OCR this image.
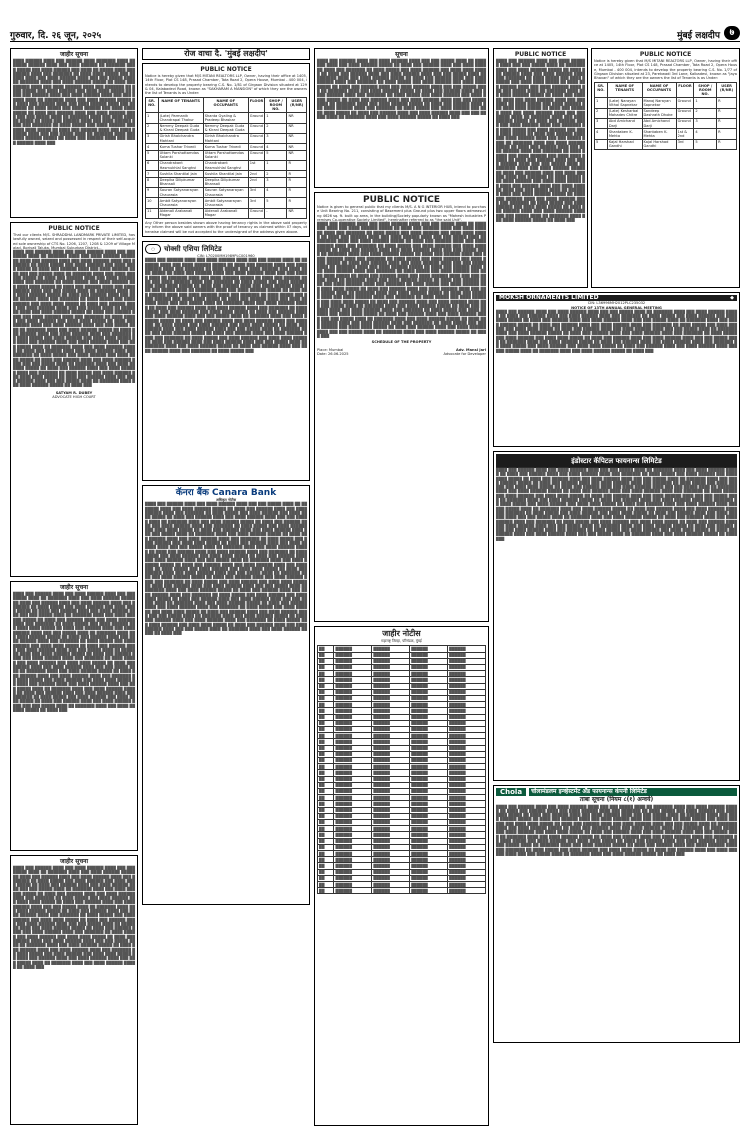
गुरुवार, दि. २६ जून, २०२५	मुंबई लक्षदीप	७
जाहीर सूचना
████ ██████ ████ ███ ██████ ████ ███████ ████ ██ █████ ██████ ████ ███ ████ ██████ ██ ███████ ████ █████ ███ ████ ██████ ███ ████ ██ █████ ████ ███ ██████ ████ ███ ███████ ██ ████ ████ █████ ███ ██████ ████ ███ ████ ██████ ████ ███ ███ █████ ████ ██ ███████ ████ ███ ████ ██████ █████ ██ ████ ███ ██████ ████ ███ ████ ██████ ████ ███ ███████ ██ ████ █████ ███ ████ ██████ ███ ████ ████ █████ ██ ████ ███ ██████ ████ ███ ████ ██████ ████ ███ ███ █████ ████ ██ ███████ ████ ███ ████ ██████ █████ ██ ████ ███ ██████ ████ ███ ████ ██████ ████ ███ ███████ ██ ████ █████ ███ ████ ██████ ███ ████ ████ █████ ██ ████ ███ ██████ ████ ███ ████ ██████ ████ ███ ███ █████ ████ ██ ███████ ████ ███ ████ ██████ █████ ██ ████ ███ ██████ ████ ███ ████ ██████ ████ ███ ███████ ██ ████ █████ ███ ████ ██████ ███ ████ ████ █████ ██ ████ ███ ██████ ████ ███ ████ ██████ ████ ███ ███ █████ ████ ██ ███████ ████ ███ ████ ██████ █████ ██ ████ ███ ██████ ████ ███ ████ ██████ ████ ███
PUBLIC NOTICE
That our clients M/S. SHRADDHA LANDMARK PRIVATE LIMITED, has lawfully owned, seized and possessed in respect of their self-acquired sole ownership of CTS No. 1206, 1207, 1208 & 1209 of Village Malad, Borivali Taluka, Mumbai Suburban District...
████ ███ ██████ ████ ███ ████ ██████ ████ ███ ███ █████ ████ ██ ███████ ████ ███ ████ ██████ █████ ██ ████ ███ ██████ ████ ███ ████ ██████ ████ ███ ███████ ██ ████ █████ ███ ████ ██████ ███ ████ ████ █████ ██ ████ ███ ██████ ████ ███ ████ ██████ ████ ███ ███ █████ ████ ██ ███████ ████ ███ ████ ██████ █████ ██ ████ ███ ██████ ████ ███ ████ ██████ ████ ███ ███████ ██ ████ █████ ███ ████ ██████ ███ ████ ████ █████ ██ ████ ███ ██████ ████ ███ ████ ██████ ████ ███ ███ █████ ████ ██ ███████ ████ ███ ████ ██████ █████ ██ ████ ███ ██████ ████ ███ ████ ██████ ████ ███ ███████ ██ ████ █████ ███ ████ ██████ ███ ████ ████ █████ ██ ████ ███ ██████ ████ ███ ████ ██████ ████ ███ ███ █████ ████ ██ ███████ ████ ███ ████ ██████ █████ ██ ████ ███ ██████ ████ ███ ████ ██████ ████ ███ ███████ ██ ████ █████ ███ ████ ██████ ███ ████ ████ █████ ██ ████ ███ ██████ ████ ███ ████ ██████ ████ ███ ███ █████ ████ ██ ███████ ████ ███ ████ ██████ █████ ██ ████ ███ ██████ ████ ███ ████ ██████ ████ ███ ███████ ██ ████ █████ ███ ████ ██████ ███ ████ ████ █████ ██ ████ ███ ██████ ████ ███ ████ ██████ ████ ███ ███ █████ ████ ██ ███████ ████ ███ ████ ██████ █████ ██ ████ ███ ██████ ████ ███ ████ ██████ ████ ███ ███████ ██ ████ █████ ███ ████ ██████ ███ ████ ████ █████ ██ ████ ███ ██████ ████ ███ ████ ██████ ████ ███ ███ █████ ████ ██ ███████ ████ ███ ████ ██████ █████ ██ ████ ███ ██████ ████ ███ ████ ██████ ████ ███ ███████ ██ ████ █████ ███ ████ ██████ ███ ████ ████ █████ ██ ████ ███ ██████ ████ ███ ████ ██████ ████ ███ ███ █████ ████ ██ ███████ ████ ███ ████ ██████ █████ ██ ████ ███
SATYAM R. DUBEY
ADVOCATE HIGH COURT
जाहीर सूचना
████ ███ ██████ ████ ███ ████ ██████ ████ ███ ███ █████ ████ ██ ███████ ████ ███ ████ ██████ █████ ██ ████ ███ ██████ ████ ███ ████ ██████ ████ ███ ███████ ██ ████ █████ ███ ████ ██████ ███ ████ ████ █████ ██ ████ ███ ██████ ████ ███ ████ ██████ ████ ███ ███ █████ ████ ██ ███████ ████ ███ ████ ██████ █████ ██ ████ ███ ██████ ████ ███ ████ ██████ ████ ███ ███████ ██ ████ █████ ███ ████ ██████ ███ ████ ████ █████ ██ ████ ███ ██████ ████ ███ ████ ██████ ████ ███ ███ █████ ████ ██ ███████ ████ ███ ████ ██████ █████ ██ ████ ███ ██████ ████ ███ ████ ██████ ████ ███ ███████ ██ ████ █████ ███ ████ ██████ ███ ████ ████ █████ ██ ████ ███ ██████ ████ ███ ████ ██████ ████ ███ ███ █████ ████ ██ ███████ ████ ███ ████ ██████ █████ ██ ████ ███ ██████ ████ ███ ████ ██████ ████ ███ ███████ ██ ████ █████ ███ ████ ██████ ███ ████ ████ █████ ██ ████ ███ ██████ ████ ███ ████ ██████ ████ ███ ███ █████ ████ ██ ███████ ████ ███ ████ ██████ █████ ██ ████ ███ ██████ ████ ███ ████ ██████ ████ ███ ███████ ██ ████ █████ ███ ████ ██████ ███ ████ ████ █████ ██ ████ ███ ██████ ████ ███ ████ ██████ ████ ███ ███ █████ ████ ██ ███████ ████ ███ ████ ██████ █████ ██ ████ ███ ██████ ████ ███ ████ ██████ ████ ███ ███████ ██ ████ █████ ███ ████ ██████ ███ ████ ████ █████ ██ ████ ███ ██████ ████ ███ ████ ██████ ████ ███ ███ █████ ████ ██ ███████ ████ ███ ████ ██████ █████ ██ ████ ███
जाहीर सूचना
████ ███ ██████ ████ ███ ████ ██████ ████ ███ ███ █████ ████ ██ ███████ ████ ███ ████ ██████ █████ ██ ████ ███ ██████ ████ ███ ████ ██████ ████ ███ ███████ ██ ████ █████ ███ ████ ██████ ███ ████ ████ █████ ██ ████ ███ ██████ ████ ███ ████ ██████ ████ ███ ███ █████ ████ ██ ███████ ████ ███ ████ ██████ █████ ██ ████ ███ ██████ ████ ███ ████ ██████ ████ ███ ███████ ██ ████ █████ ███ ████ ██████ ███ ████ ████ █████ ██ ████ ███ ██████ ████ ███ ████ ██████ ████ ███ ███ █████ ████ ██ ███████ ████ ███ ████ ██████ █████ ██ ████ ███ ██████ ████ ███ ████ ██████ ████ ███ ███████ ██ ████ █████ ███ ████ ██████ ███ ████ ████ █████ ██ ████ ███ ██████ ████ ███ ████ ██████ ████ ███ ███ █████ ████ ██ ███████ ████ ███ ████ ██████ █████ ██ ████ ███ ██████ ████ ███ ████ ██████ ████ ███ ███████ ██ ████ █████ ███ ████ ██████ ███ ████ ████ █████ ██ ████ ███ ██████ ████ ███ ████ ██████ ████ ███ ███ █████ ████ ██ ███████ ████ ███ ████ ██████ █████ ██ ████ ███ ██████ ████ ███ ████ ██████ ████ ███ ███████ ██ ████ █████ ███ ████ ██████ ███ ████ ████ █████ ██ ████ ███ ██████ ████ ███ ████ ██████ ████ ███ ███ █████ ████ ██ ███████ ████ ███ ████ ██████ █████ ██ ████ ███
रोज वाचा दै. 'मुंबई लक्षदीप'
PUBLIC NOTICE
Notice is hereby given that M/S MITANI REALTORS LLP, Owner, having their office at 1405, 14th Floor, Plot CS 148, Prasad Chamber, Tata Road 2, Opera House, Mumbai - 400 004, intends to develop the property bearing C.S. No. 1/81 of Girgaon Division situated at 129 & 04, Kalabadevi Road, known as "SAKHARAM A MANSION" of which they are the owners the list of Tenants is as Under:
SR. NO.	NAME OF TENANTS	NAME OF OCCUPANTS	FLOOR	SHOP / ROOM NO.	USER (R/NR)
1	(Late) Parmanik Chandrapal Thakur	Shanta Gyaling & Pradeep Bhaskar	Ground	1	NR
2	Nemmy Deepak Guda & Kirani Deepak Guda	Nemmy Deepak Guda & Kirani Deepak Guda	Ground	2	NR
3	Girish Bhalchandra Mahtani	Girish Bhalchandra Mahtani	Ground	3	NR
4	Kuma Tushar Trivedi	Kuma Tushar Trivedi	Ground	4	NR
5	Uttam Parshottamdas Solanki	Uttam Parshottamdas Solanki	Ground	5	NR
6	Chandrakant Hasmukhlal Sanghvi	Chandrakant Hasmukhlal Sanghvi	1st	1	R
7	Sushila Shantilal Jain	Sushila Shantilal Jain	2nd	2	R
8	Deepika Dilipkumar Bhansali	Deepika Dilipkumar Bhansali	2nd	3	R
9	Sauran Satyanarayan Chaurasia	Sauran Satyanarayan Chaurasia	3rd	4	R
10	Ambit Satyanarayan Chaurasia	Ambit Satyanarayan Chaurasia	3rd	5	R
11	Aldenali Arabanali Magar	Aldenali Arabanali Magar	Ground	-	NR
Any Other person besides shown above having tenancy rights in the above said property my inform the above said owners with the proof of tenancy as claimed within 07 days, otherwise claimed will be not accepted to the undersigned of the address given above.
◯	चोक्सी एशिया लिमिटेड
CIN: L70200MH1989PLC001960
████ ███ ██████ ████ ███ ████ ██████ ████ ███ ███ █████ ████ ██ ███████ ████ ███ ████ ██████ █████ ██ ████ ███ ██████ ████ ███ ████ ██████ ████ ███ ███████ ██ ████ █████ ███ ████ ██████ ███ ████ ████ █████ ██ ████ ███ ██████ ████ ███ ████ ██████ ████ ███ ███ █████ ████ ██ ███████ ████ ███ ████ ██████ █████ ██ ████ ███ ██████ ████ ███ ████ ██████ ████ ███ ███████ ██ ████ █████ ███ ████ ██████ ███ ████ ████ █████ ██ ████ ███ ██████ ████ ███ ████ ██████ ████ ███ ███ █████ ████ ██ ███████ ████ ███ ████ ██████ █████ ██ ████ ███ ██████ ████ ███ ████ ██████ ████ ███ ███████ ██ ████ █████ ███ ████ ██████ ███ ████ ████ █████ ██ ████ ███ ██████ ████ ███ ████ ██████ ████ ███ ███ █████ ████ ██ ███████ ████ ███ ████ ██████ █████ ██ ████ ███ ██████ ████ ███ ████ ██████ ████ ███ ███████ ██ ████ █████ ███ ████ ██████ ███ ████ ████ █████ ██ ████ ███ ██████ ████ ███ ████ ██████ ████ ███ ███ █████ ████ ██ ███████ ████ ███ ████ ██████ █████ ██ ████ ███ ██████ ████ ███ ████ ██████ ████ ███ ███████ ██ ████ █████ ███ ████ ██████ ███ ████ ████ █████ ██ ████ ███ ██████ ████ ███ ████ ██████ ████ ███ ███ █████ ████ ██ ███████ ████ ███ ████ ██████ █████ ██ ████ ███ ██████ ████ ███ ████ ██████ ████ ███ ███████ ██ ████ █████ ███ ████ ██████ ███ ████ ████ █████ ██ ████ ███ ██████ ████ ███ ████ ██████ ████ ███ ███ █████ ████ ██ ███████ ████ ███ ████ ██████ █████ ██ ████ ███ ██████ ████ ███ ████ ██████ ████ ███ ███████ ██ ████ █████ ███
कॅनरा बैंक Canara Bank
अधिकृत नोटीस
████ ███ ██████ ████ ███ ████ ██████ ████ ███ ███ █████ ████ ██ ███████ ████ ███ ████ ██████ █████ ██ ████ ███ ██████ ████ ███ ████ ██████ ████ ███ ███████ ██ ████ █████ ███ ████ ██████ ███ ████ ████ █████ ██ ████ ███ ██████ ████ ███ ████ ██████ ████ ███ ███ █████ ████ ██ ███████ ████ ███ ████ ██████ █████ ██ ████ ███ ██████ ████ ███ ████ ██████ ████ ███ ███████ ██ ████ █████ ███ ████ ██████ ███ ████ ████ █████ ██ ████ ███ ██████ ████ ███ ████ ██████ ████ ███ ███ █████ ████ ██ ███████ ████ ███ ████ ██████ █████ ██ ████ ███ ██████ ████ ███ ████ ██████ ████ ███ ███████ ██ ████ █████ ███ ████ ██████ ███ ████ ████ █████ ██ ████ ███ ██████ ████ ███ ████ ██████ ████ ███ ███ █████ ████ ██ ███████ ████ ███ ████ ██████ █████ ██ ████ ███ ██████ ████ ███ ████ ██████ ████ ███ ███████ ██ ████ █████ ███ ████ ██████ ███ ████ ████ █████ ██ ████ ███ ██████ ████ ███ ████ ██████ ████ ███ ███ █████ ████ ██ ███████ ████ ███ ████ ██████ █████ ██ ████ ███ ██████ ████ ███ ████ ██████ ████ ███ ███████ ██ ████ █████ ███ ████ ██████ ███ ████ ████ █████ ██ ████ ███ ██████ ████ ███ ████ ██████ ████ ███ ███ █████ ████ ██ ███████ ████ ███ ████ ██████ █████ ██ ████ ███ ██████ ████ ███ ████ ██████ ████ ███ ███████ ██ ████ █████ ███ ████ ██████ ███ ████ ████ █████ ██ ████ ███ ██████ ████ ███ ████ ██████ ████ ███ ███ █████ ████ ██ ███████ ████ ███ ████ ██████ █████ ██ ████ ███ ██████ ████ ███ ████ ██████ ████ ███ ███████ ██ ████ █████ ███ ████ ██████ ███ ████ ████ █████ ██ ████ ███ ██████ ████ ███ ████ ██████ ████ ███ ███ █████ ████ ██ ███████ ████ ███ ████ ██████ █████ ██ ████ ███ ██████ ████ ███ ████ ██████ ████ ███ ███████ ██ ████ █████ ███ ████ ██████ ███ ████ ████ █████ ██ ████ ███ ██████ ████ ███ ████ ██████ ████ ███ ███ █████ ████ ██ ███████ ████ ███ ████ ██████ █████ ██ ████ ███ ██████ ████ ███ ████ ██████ ████ ███ ███████ ██ ████ █████ ███ ████ ██████ ███ ████ ████ █████ ██ ████ ███ ██████ ████ ███ ████ ██████ ████ ███ ███ █████ ████ ██ ███████ ████ ███ ████ ██████ █████ ██ ████ ███
सूचना
████ ███ ██████ ████ ███ ████ ██████ ████ ███ ███ █████ ████ ██ ███████ ████ ███ ████ ██████ █████ ██ ████ ███ ██████ ████ ███ ████ ██████ ████ ███ ███████ ██ ████ █████ ███ ████ ██████ ███ ████ ████ █████ ██ ████ ███ ██████ ████ ███ ████ ██████ ████ ███ ███ █████ ████ ██ ███████ ████ ███ ████ ██████ █████ ██ ████ ███ ██████ ████ ███ ████ ██████ ████ ███ ███████ ██ ████ █████ ███ ████ ██████ ███ ████ ████ █████ ██ ████ ███ ██████ ████ ███ ████ ██████ ████ ███ ███ █████ ████ ██ ███████ ████ ███ ████ ██████ █████ ██ ████ ███ ██████ ████ ███ ████ ██████ ████ ███ ███████ ██ ████ █████ ███ ████ ██████ ███ ████ ████ █████ ██ ████ ███ ██████ ████ ███ ████ ██████ ████ ███ ███ █████ ████ ██ ███████ ████ ███ ████ ██████ █████ ██ ████ ███ ██████ ████ ███ ████ ██████ ████ ███ ███████ ██ ████ █████ ███ ████ ██████ ███ ████ ████ █████ ██ ████ ███ ██████ ████ ███ ████ ██████ ████ ███ ███ █████ ████ ██ ███████ ████ ███ ████ ██████ █████ ██ ████ ███
PUBLIC NOTICE
Notice is given to general public that my clients M/S. A N G INTERIOR HUB, intend to purchase Unit Bearing No. 211, consisting of Basement plus Ground plus two upper floors admeasuring 4626 sq. ft. built up area, in the building/Society popularly known as "Mahesh Industries Premises Co-operative Society Limited", hereinafter referred to as "the said Unit".
████ ███ ██████ ████ ███ ████ ██████ ████ ███ ███ █████ ████ ██ ███████ ████ ███ ████ ██████ █████ ██ ████ ███ ██████ ████ ███ ████ ██████ ████ ███ ███████ ██ ████ █████ ███ ████ ██████ ███ ████ ████ █████ ██ ████ ███ ██████ ████ ███ ████ ██████ ████ ███ ███ █████ ████ ██ ███████ ████ ███ ████ ██████ █████ ██ ████ ███ ██████ ████ ███ ████ ██████ ████ ███ ███████ ██ ████ █████ ███ ████ ██████ ███ ████ ████ █████ ██ ████ ███ ██████ ████ ███ ████ ██████ ████ ███ ███ █████ ████ ██ ███████ ████ ███ ████ ██████ █████ ██ ████ ███ ██████ ████ ███ ████ ██████ ████ ███ ███████ ██ ████ █████ ███ ████ ██████ ███ ████ ████ █████ ██ ████ ███ ██████ ████ ███ ████ ██████ ████ ███ ███ █████ ████ ██ ███████ ████ ███ ████ ██████ █████ ██ ████ ███ ██████ ████ ███ ████ ██████ ████ ███ ███████ ██ ████ █████ ███ ████ ██████ ███ ████ ████ █████ ██ ████ ███ ██████ ████ ███ ████ ██████ ████ ███ ███ █████ ████ ██ ███████ ████ ███ ████ ██████ █████ ██ ████ ███ ██████ ████ ███ ████ ██████ ████ ███ ███████ ██ ████ █████ ███ ████ ██████ ███ ████ ████ █████ ██ ████ ███ ██████ ████ ███ ████ ██████ ████ ███ ███ █████ ████ ██ ███████ ████ ███ ████ ██████ █████ ██ ████ ███ ██████ ████ ███ ████ ██████ ████ ███ ███████ ██ ████ █████ ███ ████ ██████ ███ ████ ████ █████ ██ ████ ███ ██████ ████ ███ ████ ██████ ████ ███ ███ █████ ████ ██ ███████ ████ ███ ████ ██████ █████ ██ ████ ███ ██████ ████ ███ ████ ██████ ████ ███ ███████ ██ ████ █████ ███ ████ ██████ ███ ████ ████ █████ ██ ████ ███ ██████ ████ ███ ████ ██████ ████ ███ ███ █████ ████ ██ ███████ ████ ███ ████ ██████ █████ ██ ████ ███ ██████ ████ ███ ████ ██████ ████ ███ ███████ ██ ████ █████ ███ ████ ██████ ███ ████ ████ █████ ██ ████ ███ ██████ ████ ███ ████ ██████ ████ ███ ███ █████ ████ ██ ███████ ████ ███ ████ ██████ █████ ██ ████ ███
SCHEDULE OF THE PROPERTY
Place: Mumbai
Date: 26.06.2025
Adv. Mansi Jari
Advocate for Developer
जाहीर नोटीस
महाराष्ट्र जिल्हा, परिमंडळ, मुंबई
██	██████	██████	██████	██████
██	██████	██████	██████	██████
██	██████	██████	██████	██████
██	██████	██████	██████	██████
██	██████	██████	██████	██████
██	██████	██████	██████	██████
██	██████	██████	██████	██████
██	██████	██████	██████	██████
██	██████	██████	██████	██████
██	██████	██████	██████	██████
██	██████	██████	██████	██████
██	██████	██████	██████	██████
██	██████	██████	██████	██████
██	██████	██████	██████	██████
██	██████	██████	██████	██████
██	██████	██████	██████	██████
██	██████	██████	██████	██████
██	██████	██████	██████	██████
██	██████	██████	██████	██████
██	██████	██████	██████	██████
██	██████	██████	██████	██████
██	██████	██████	██████	██████
██	██████	██████	██████	██████
██	██████	██████	██████	██████
██	██████	██████	██████	██████
██	██████	██████	██████	██████
██	██████	██████	██████	██████
██	██████	██████	██████	██████
██	██████	██████	██████	██████
██	██████	██████	██████	██████
██	██████	██████	██████	██████
██	██████	██████	██████	██████
██	██████	██████	██████	██████
██	██████	██████	██████	██████
██	██████	██████	██████	██████
██	██████	██████	██████	██████
██	██████	██████	██████	██████
██	██████	██████	██████	██████
██	██████	██████	██████	██████
██	██████	██████	██████	██████
PUBLIC NOTICE
████ ███ ██████ ████ ███ ████ ██████ ████ ███ ███ █████ ████ ██ ███████ ████ ███ ████ ██████ █████ ██ ████ ███ ██████ ████ ███ ████ ██████ ████ ███ ███████ ██ ████ █████ ███ ████ ██████ ███ ████ ████ █████ ██ ████ ███ ██████ ████ ███ ████ ██████ ████ ███ ███ █████ ████ ██ ███████ ████ ███ ████ ██████ █████ ██ ████ ███ ██████ ████ ███ ████ ██████ ████ ███ ███████ ██ ████ █████ ███ ████ ██████ ███ ████ ████ █████ ██ ████ ███ ██████ ████ ███ ████ ██████ ████ ███ ███ █████ ████ ██ ███████ ████ ███ ████ ██████ █████ ██ ████ ███ ██████ ████ ███ ████ ██████ ████ ███ ███████ ██ ████ █████ ███ ████ ██████ ███ ████ ████ █████ ██ ████ ███ ██████ ████ ███ ████ ██████ ████ ███ ███ █████ ████ ██ ███████ ████ ███ ████ ██████ █████ ██ ████ ███ ██████ ████ ███ ████ ██████ ████ ███ ███████ ██ ████ █████ ███ ████ ██████ ███ ████ ████ █████ ██ ████ ███ ██████ ████ ███ ████ ██████ ████ ███ ███ █████ ████ ██ ███████ ████ ███ ████ ██████ █████ ██ ████ ███ ██████ ████ ███ ████ ██████ ████ ███ ███████ ██ ████ █████ ███ ████ ██████ ███ ████ ████ █████ ██ ████ ███ ██████ ████ ███ ████ ██████ ████ ███ ███ █████ ████ ██ ███████ ████ ███ ████ ██████ █████ ██ ████ ███ ██████ ████ ███ ████ ██████ ████ ███ ███████ ██ ████ █████ ███ ████ ██████ ███ ████ ████ █████ ██ ████ ███ ██████ ████ ███ ████ ██████ ████ ███ ███ █████ ████ ██ ███████ ████ ███ ████ ██████ █████ ██ ████ ███
PUBLIC NOTICE
Notice is hereby given that M/S MITANI REALTORS LLP, Owner, having their office at 1405, 14th Floor, Plot CS 148, Prasad Chamber, Tata Road 2, Opera House, Mumbai - 400 004, intends to develop the property bearing C.S. No. 1/77 of Girgaon Division situated at 23, Parekwadi 3rd Lane, Kalbadevi, known as "Jaya Bhavan" of which they are the owners the list of Tenants is as Under:
SR. NO.	NAME OF TENANTS	NAME OF OCCUPANTS	FLOOR	SHOP / ROOM NO.	USER (R/NR)
1	(Late) Narayan Vithal Sapnekar	Manoj Narayan Sapnekar	Ground	1	R
2	(Late) Kesharbai Mahadev Chitre	Sandeep Dashrath Dhoke	Ground	2	R
3	Abd Amichand Darji	Abd Amichand Darji	Ground	3	R
4	Shantaben K. Mehta	Shantaben K. Mehta	1st & 2nd	4	R
5	Kajal Harshad Gandhi	Kajal Harshad Gandhi	3rd	5	R
MOKSH ORNAMENTS LIMITED	◆
CIN: L36996MH2012PLC235032
NOTICE OF 13TH ANNUAL GENERAL MEETING
████ ███ ██████ ████ ███ ████ ██████ ████ ███ ███ █████ ████ ██ ███████ ████ ███ ████ ██████ █████ ██ ████ ███ ██████ ████ ███ ████ ██████ ████ ███ ███████ ██ ████ █████ ███ ████ ██████ ███ ████ ████ █████ ██ ████ ███ ██████ ████ ███ ████ ██████ ████ ███ ███ █████ ████ ██ ███████ ████ ███ ████ ██████ █████ ██ ████ ███ ██████ ████ ███ ████ ██████ ████ ███ ███████ ██ ████ █████ ███ ████ ██████ ███ ████ ████ █████ ██ ████ ███ ██████ ████ ███ ████ ██████ ████ ███ ███ █████ ████ ██ ███████ ████ ███ ████ ██████ █████ ██ ████ ███ ██████ ████ ███ ████ ██████ ████ ███ ███████ ██ ████ █████ ███ ████ ██████ ███ ████ ████ █████ ██ ████ ███ ██████ ████ ███ ████ ██████ ████ ███ ███ █████ ████ ██ ███████ ████ ███ ████ ██████ █████ ██ ████ ███ ██████ ████ ███ ████ ██████ ████ ███ ███████ ██ ████ █████ ███ ████ ██████ ███ ████ ████ █████ ██ ████ ███ ██████ ████ ███ ████ ██████ ████ ███ ███ █████ ████ ██ ███████ ████ ███ ████ ██████ █████ ██ ████ ███
इंडोस्टार कॅपिटल फायनान्स लिमिटेड
████ ███ ██████ ████ ███ ████ ██████ ████ ███ ███ █████ ████ ██ ███████ ████ ███ ████ ██████ █████ ██ ████ ███ ██████ ████ ███ ████ ██████ ████ ███ ███████ ██ ████ █████ ███ ████ ██████ ███ ████ ████ █████ ██ ████ ███ ██████ ████ ███ ████ ██████ ████ ███ ███ █████ ████ ██ ███████ ████ ███ ████ ██████ █████ ██ ████ ███ ██████ ████ ███ ████ ██████ ████ ███ ███████ ██ ████ █████ ███ ████ ██████ ███ ████ ████ █████ ██ ████ ███ ██████ ████ ███ ████ ██████ ████ ███ ███ █████ ████ ██ ███████ ████ ███ ████ ██████ █████ ██ ████ ███ ██████ ████ ███ ████ ██████ ████ ███ ███████ ██ ████ █████ ███ ████ ██████ ███ ████ ████ █████ ██ ████ ███ ██████ ████ ███ ████ ██████ ████ ███ ███ █████ ████ ██ ███████ ████ ███ ████ ██████ █████ ██ ████ ███ ██████ ████ ███ ████ ██████ ████ ███ ███████ ██ ████ █████ ███ ████ ██████ ███ ████ ████ █████ ██ ████ ███ ██████ ████ ███ ████ ██████ ████ ███ ███ █████ ████ ██ ███████ ████ ███ ████ ██████ █████ ██ ████ ███ ██████ ████ ███ ████ ██████ ████ ███ ███████ ██ ████ █████ ███ ████ ██████ ███ ████ ████ █████ ██ ████ ███ ██████ ████ ███ ████ ██████ ████ ███ ███ █████ ████ ██ ███████ ████ ███ ████ ██████ █████ ██ ████ ███ ██████ ████ ███ ████ ██████ ████ ███ ███████ ██ ████ █████ ███ ████ ██████ ███ ████ ████ █████ ██ ████ ███ ██████ ████ ███ ████ ██████ ████ ███ ███ █████ ████ ██ ███████ ████ ███ ████ ██████ █████ ██ ████ ███ ██████ ████ ███ ████ ██████ ████ ███ ███████ ██ ████ █████ ███ ████ ██████ ███ ████ ████ █████ ██ ████ ███ ██████ ████ ███ ████ ██████ ████ ███ ███ █████ ████ ██ ███████ ████ ███ ████ ██████ █████ ██ ████ ███
Chola	चोलामंडलम इन्व्हेस्टमेंट अँड फायनान्स कंपनी लिमिटेड
ताबा सूचना (नियम ८(१) अन्वये)
████ ███ ██████ ████ ███ ████ ██████ ████ ███ ███ █████ ████ ██ ███████ ████ ███ ████ ██████ █████ ██ ████ ███ ██████ ████ ███ ████ ██████ ████ ███ ███████ ██ ████ █████ ███ ████ ██████ ███ ████ ████ █████ ██ ████ ███ ██████ ████ ███ ████ ██████ ████ ███ ███ █████ ████ ██ ███████ ████ ███ ████ ██████ █████ ██ ████ ███ ██████ ████ ███ ████ ██████ ████ ███ ███████ ██ ████ █████ ███ ████ ██████ ███ ████ ████ █████ ██ ████ ███ ██████ ████ ███ ████ ██████ ████ ███ ███ █████ ████ ██ ███████ ████ ███ ████ ██████ █████ ██ ████ ███ ██████ ████ ███ ████ ██████ ████ ███ ███████ ██ ████ █████ ███ ████ ██████ ███ ████ ████ █████ ██ ████ ███ ██████ ████ ███ ████ ██████ ████ ███ ███ █████ ████ ██ ███████ ████ ███ ████ ██████ █████ ██ ████ ███ ██████ ████ ███ ████ ██████ ████ ███ ███████ ██ ████ █████ ███ ████ ██████ ███ ████ ████ █████ ██ ████ ███ ██████ ████ ███ ████ ██████ ████ ███ ███ █████ ████ ██ ███████ ████ ███ ████ ██████ █████ ██ ████ ███ ██████ ████ ███ ████ ██████ ████ ███ ███████ ██ ████ █████ ███ ████ ██████ ███ ████ ████ █████ ██ ████ ███ ██████ ████ ███ ████ ██████ ████ ███ ███ █████ ████ ██ ███████ ████ ███ ████ ██████ █████ ██ ████ ███
